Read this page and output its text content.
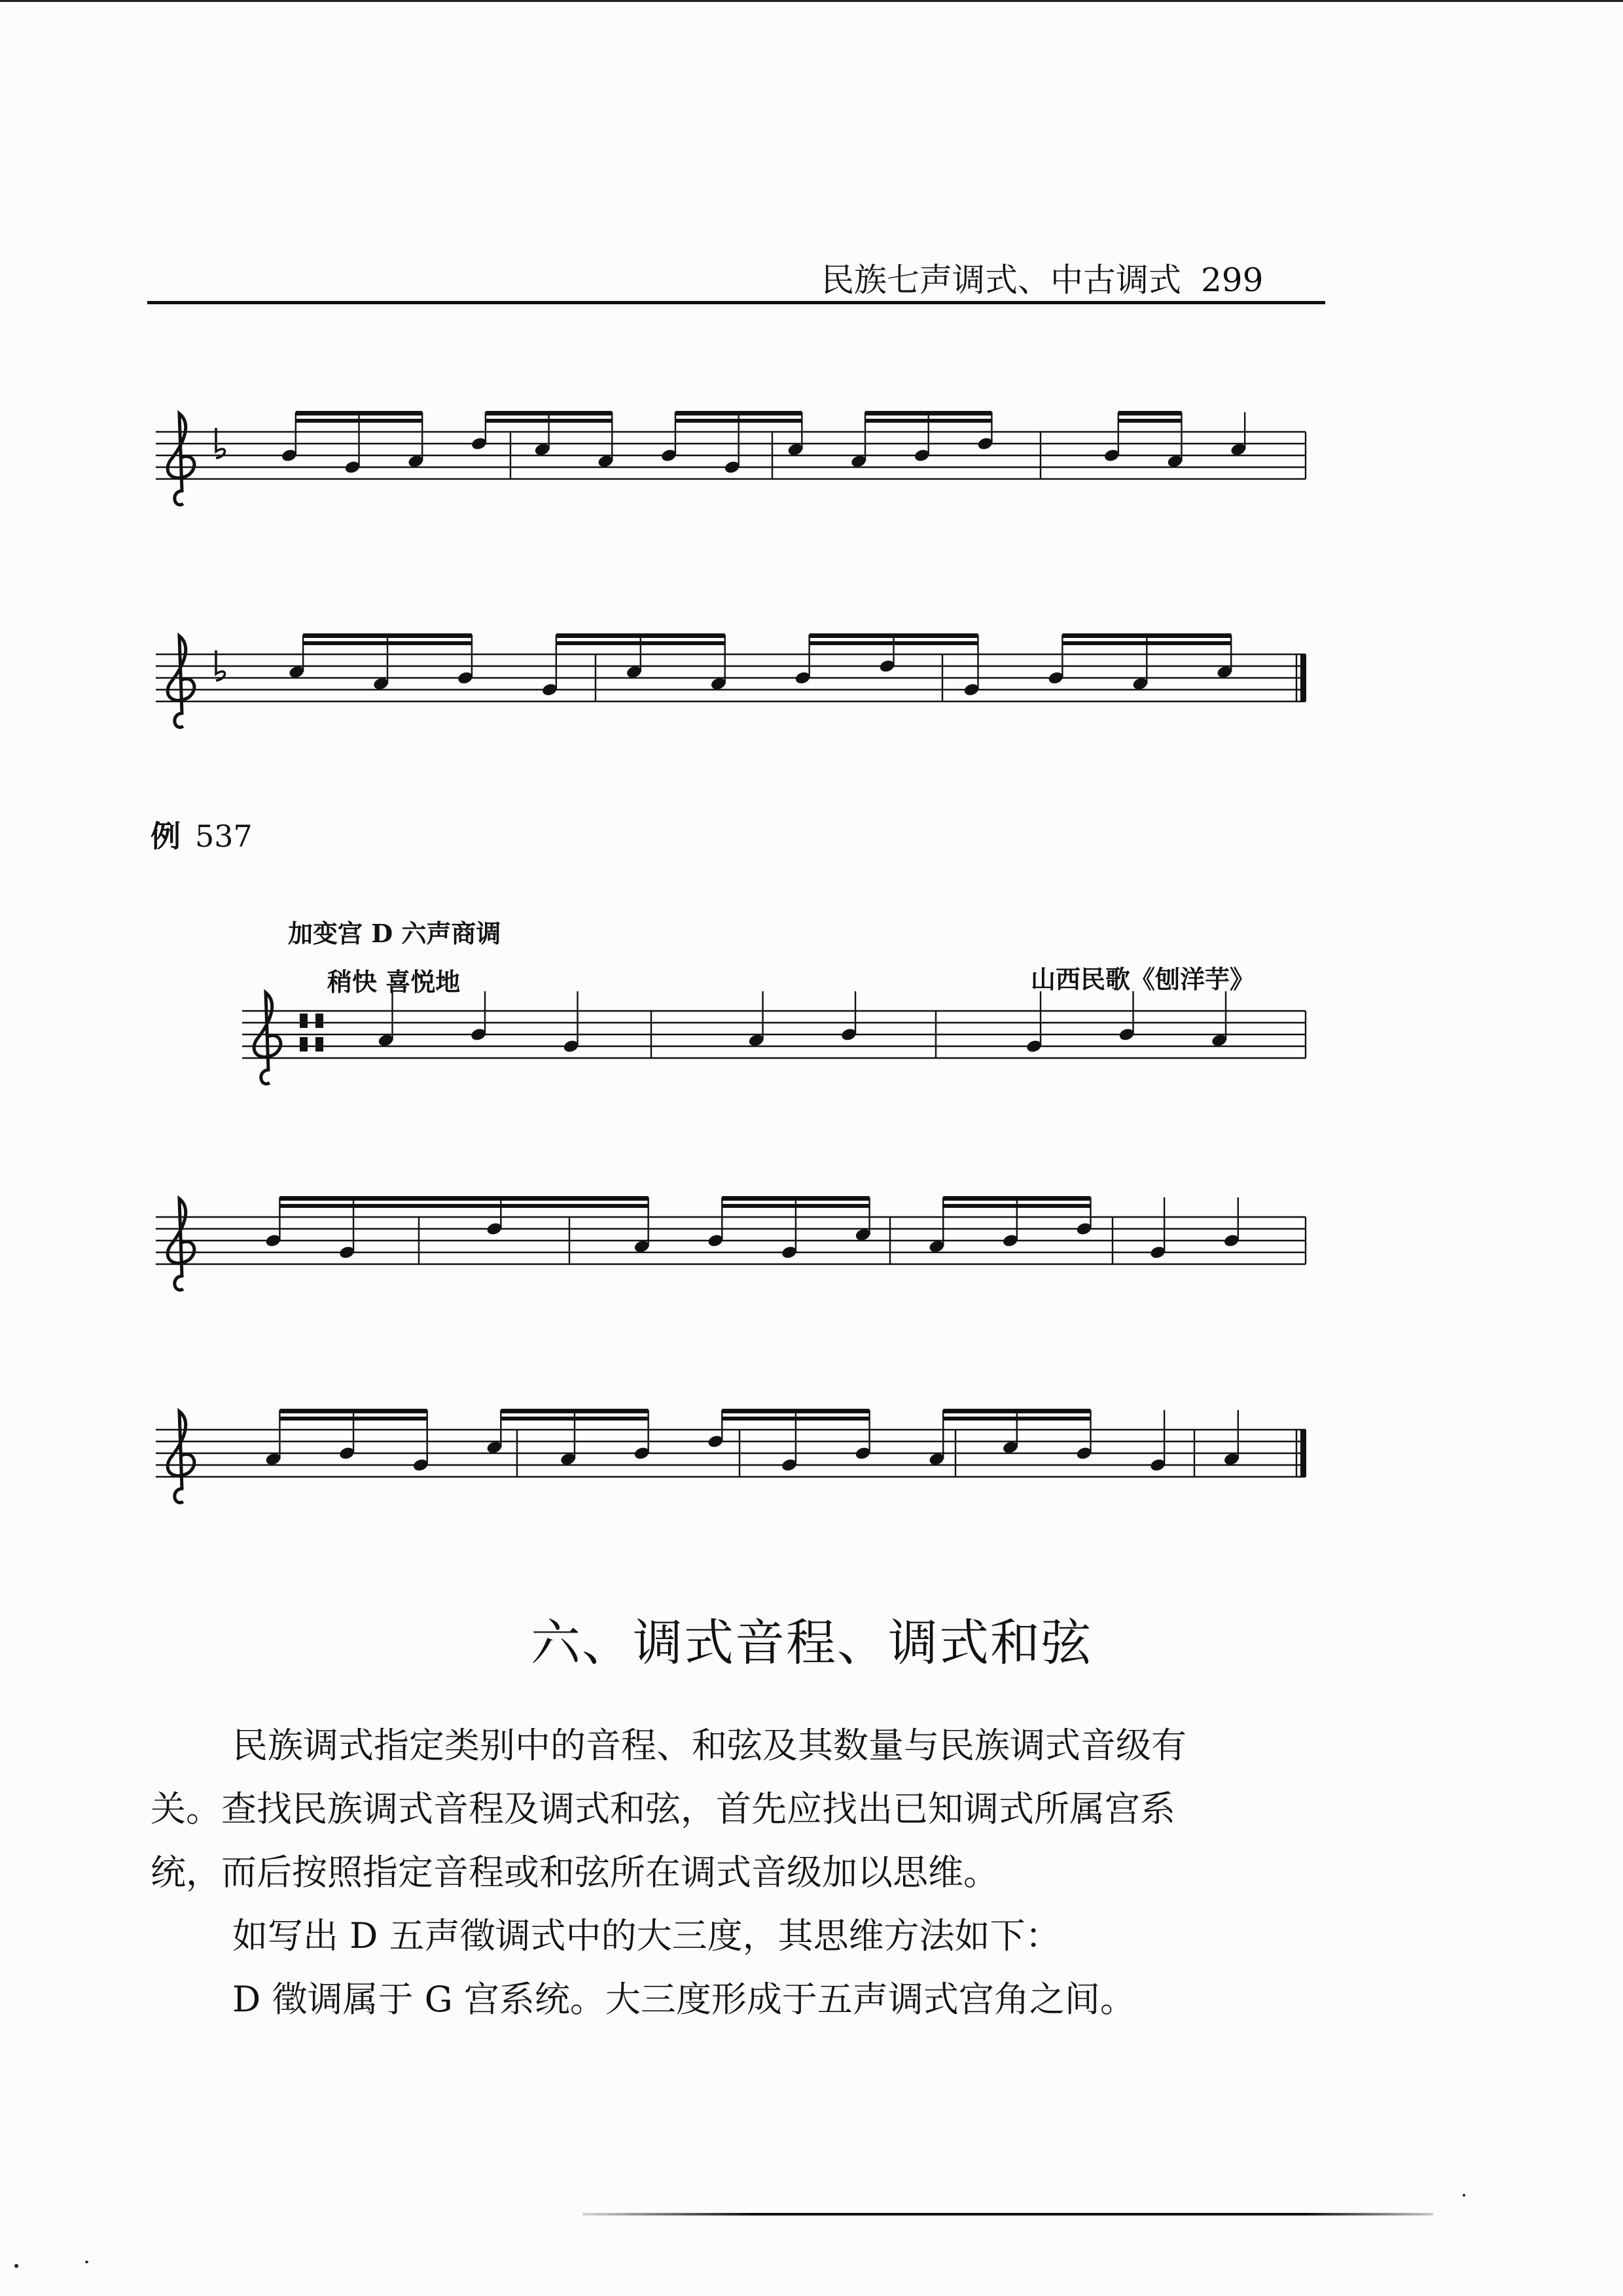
民族七声调式、中古调式 299
例 537
加变宫 D 六声商调
稍快 喜悦地	山西民歌《刨洋芋》
六、调式音程、调式和弦
民族调式指定类别中的音程、和弦及其数量与民族调式音级有
关。查找民族调式音程及调式和弦，首先应找出已知调式所属宫系
统，而后按照指定音程或和弦所在调式音级加以思维。
如写出 D 五声徵调式中的大三度，其思维方法如下：
D 徵调属于 G 宫系统。大三度形成于五声调式宫角之间。
